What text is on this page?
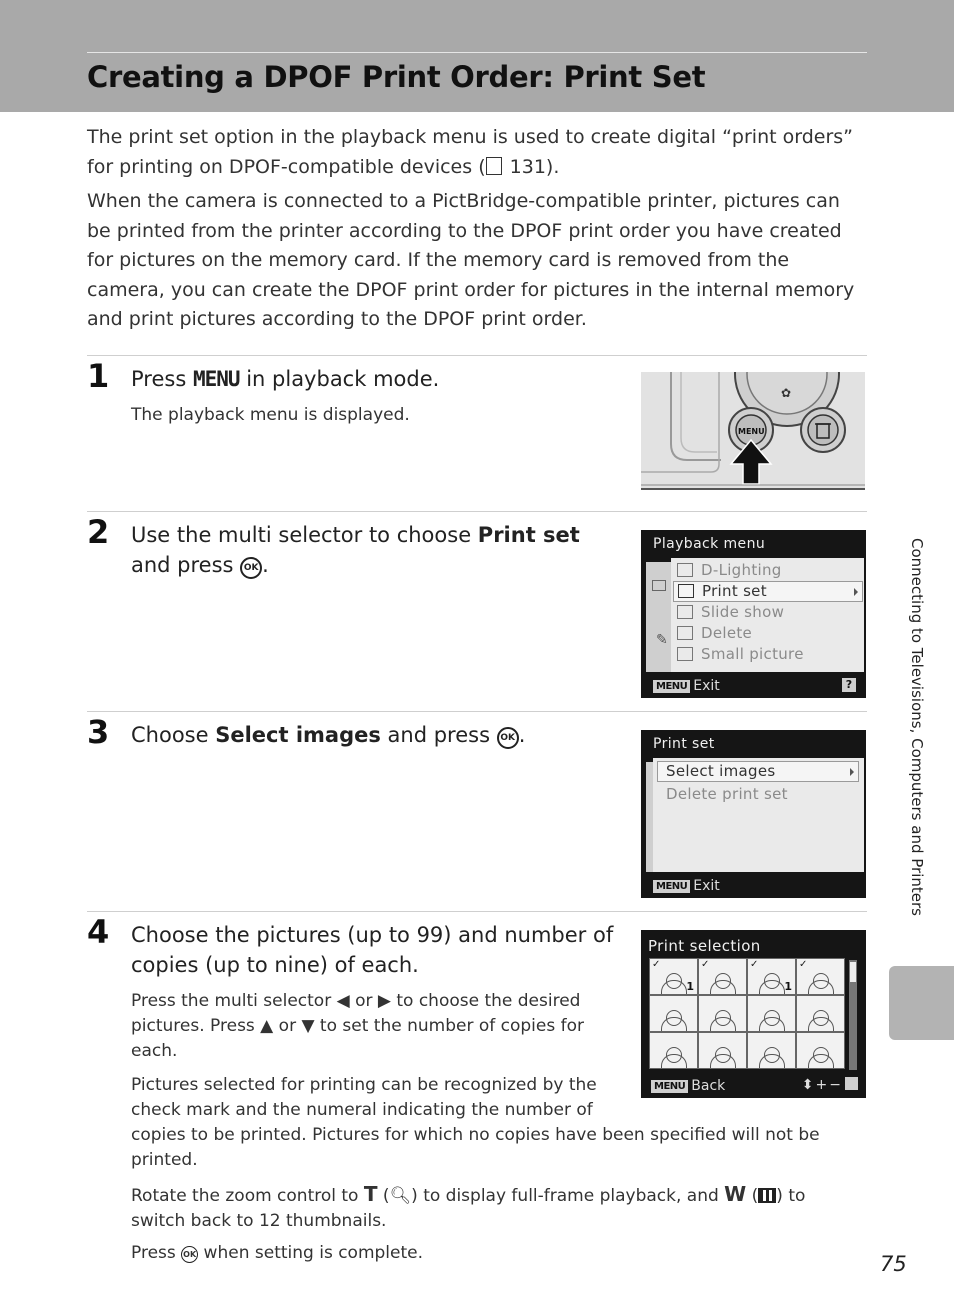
Creating a DPOF Print Order: Print Set

The print set option in the playback menu is used to create digital “print orders” for printing on DPOF-compatible devices ( 131).

When the camera is connected to a PictBridge-compatible printer, pictures can be printed from the printer according to the DPOF print order you have created for pictures on the memory card. If the memory card is removed from the camera, you can create the DPOF print order for pictures in the internal memory and print pictures according to the DPOF print order.

1 Press MENU in playback mode.

The playback menu is displayed.

✿
MENU
2 Use the multi selector to choose Print set and press OK .

Playback menu
✎
D-Lighting
Print set
Slide show
Delete
Small picture
MENU Exit	?
3 Choose Select images and press OK .	Print set
Select images
Delete print set
MENU Exit
4 Choose the pictures (up to 99) and number of copies (up to nine) of each.

Press the multi selector ◀ or ▶ to choose the desired pictures. Press ▲ or ▼ to set the number of copies for each.

Pictures selected for printing can be recognized by the check mark and the numeral indicating the number of

copies to be printed. Pictures for which no copies have been specified will not be printed.

Rotate the zoom control to T (🔍︎) to display full-frame playback, and W ( ) to switch back to 12 thumbnails.

Press OK when setting is complete.

Print selection
✓
1
✓	✓
1
✓
MENU Back	⬍+−
Connecting to Televisions, Computers and Printers
75
